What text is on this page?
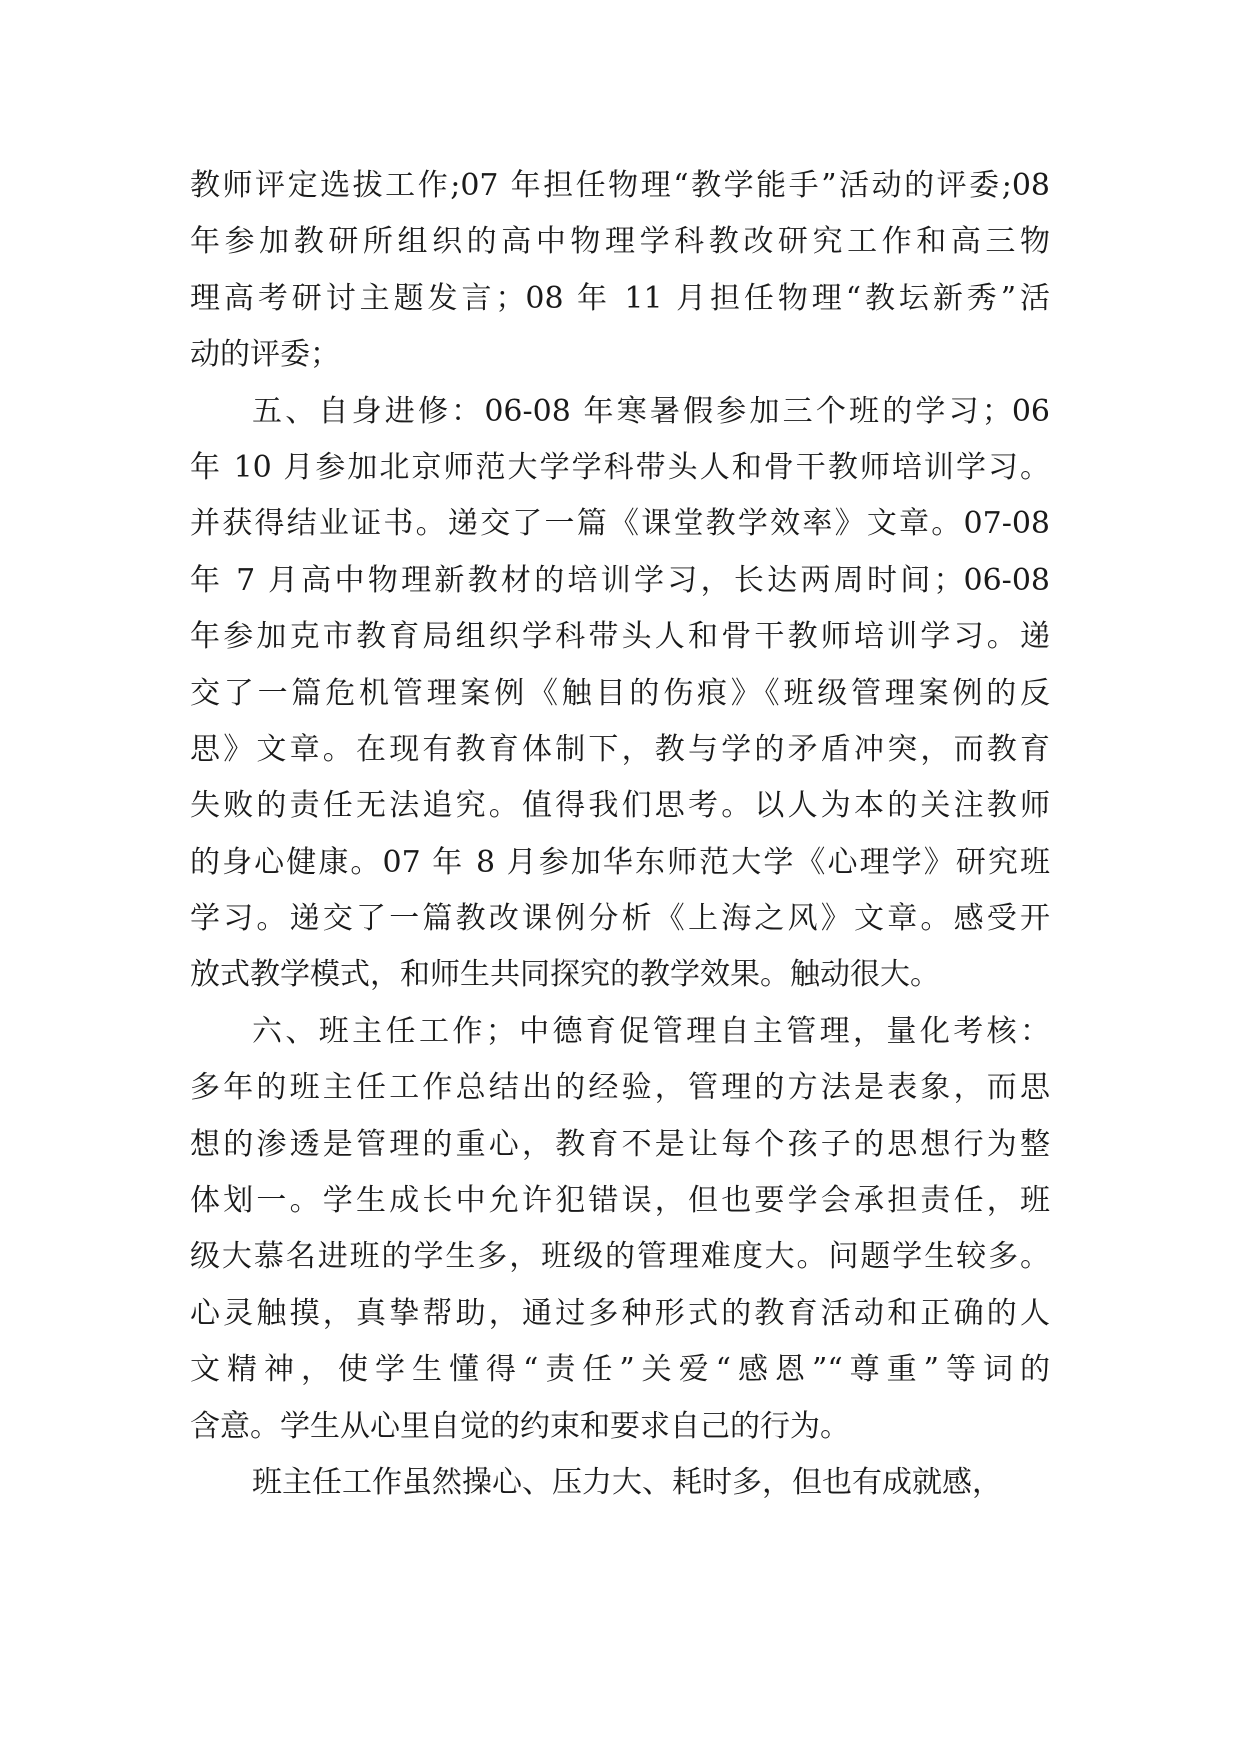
教师评定选拔工作;07 年担任物理“教学能手”活动的评委;08
年参加教研所组织的高中物理学科教改研究工作和高三物
理高考研讨主题发言；08 年 11 月担任物理“教坛新秀”活
动的评委；
五、自身进修：06-08 年寒暑假参加三个班的学习；06
年 10 月参加北京师范大学学科带头人和骨干教师培训学习。
并获得结业证书。递交了一篇《课堂教学效率》文章。07-08
年 7 月高中物理新教材的培训学习，长达两周时间；06-08
年参加克市教育局组织学科带头人和骨干教师培训学习。递
交了一篇危机管理案例《触目的伤痕》《班级管理案例的反
思》文章。在现有教育体制下，教与学的矛盾冲突，而教育
失败的责任无法追究。值得我们思考。以人为本的关注教师
的身心健康。07 年 8 月参加华东师范大学《心理学》研究班
学习。递交了一篇教改课例分析《上海之风》文章。感受开
放式教学模式，和师生共同探究的教学效果。触动很大。
六、班主任工作；中德育促管理自主管理，量化考核：
多年的班主任工作总结出的经验，管理的方法是表象，而思
想的渗透是管理的重心，教育不是让每个孩子的思想行为整
体划一。学生成长中允许犯错误，但也要学会承担责任，班
级大慕名进班的学生多，班级的管理难度大。问题学生较多。
心灵触摸，真挚帮助，通过多种形式的教育活动和正确的人
文精神，使学生懂得“责任”关爱“感恩”“尊重”等词的
含意。学生从心里自觉的约束和要求自己的行为。
班主任工作虽然操心、压力大、耗时多，但也有成就感，
